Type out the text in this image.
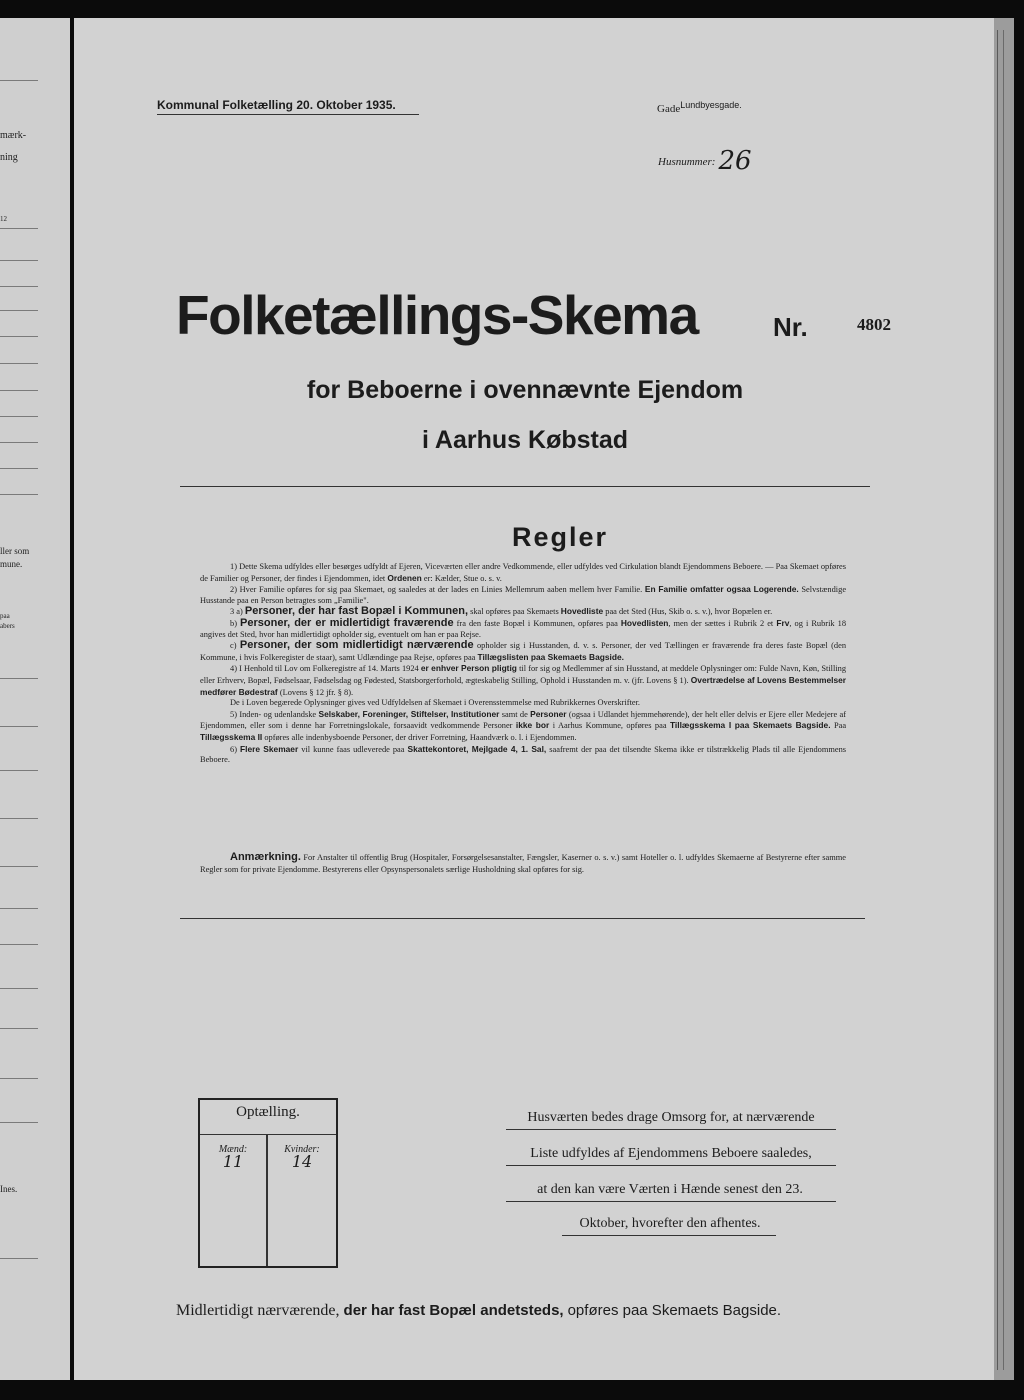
mærk-
ning
12
ller som
mune.
paa
abers
Ines.
Kommunal Folketælling 20. Oktober 1935.	Gade$^{Lundbyesgade.}$
Husnummer: 26
Folketællings-Skema	Nr.	4802
for Beboerne i ovennævnte Ejendom
i Aarhus Købstad
Regler

1) Dette Skema udfyldes eller besørges udfyldt af Ejeren, Viceværten eller andre Vedkommende, eller udfyldes ved Cirkulation blandt Ejendommens Beboere. — Paa Skemaet opføres de Familier og Personer, der findes i Ejendommen, idet Ordenen er: Kælder, Stue o. s. v.

2) Hver Familie opføres for sig paa Skemaet, og saaledes at der lades en Linies Mellemrum aaben mellem hver Familie. En Familie omfatter ogsaa Logerende. Selvstændige Husstande paa en Person betragtes som „Familie".

3 a) Personer, der har fast Bopæl i Kommunen, skal opføres paa Skemaets Hovedliste paa det Sted (Hus, Skib o. s. v.), hvor Bopælen er.

b) Personer, der er midlertidigt fraværende fra den faste Bopæl i Kommunen, opføres paa Hovedlisten, men der sættes i Rubrik 2 et Frv, og i Rubrik 18 angives det Sted, hvor han midlertidigt opholder sig, eventuelt om han er paa Rejse.

c) Personer, der som midlertidigt nærværende opholder sig i Husstanden, d. v. s. Personer, der ved Tællingen er fraværende fra deres faste Bopæl (den Kommune, i hvis Folkeregister de staar), samt Udlændinge paa Rejse, opføres paa Tillægslisten paa Skemaets Bagside.

4) I Henhold til Lov om Folkeregistre af 14. Marts 1924 er enhver Person pligtig til for sig og Medlemmer af sin Husstand, at meddele Oplysninger om: Fulde Navn, Køn, Stilling eller Erhverv, Bopæl, Fødselsaar, Fødselsdag og Fødested, Statsborgerforhold, ægteskabelig Stilling, Ophold i Husstanden m. v. (jfr. Lovens § 1). Overtrædelse af Lovens Bestemmelser medfører Bødestraf (Lovens § 12 jfr. § 8).

De i Loven begærede Oplysninger gives ved Udfyldelsen af Skemaet i Overensstemmelse med Rubrikkernes Overskrifter.

5) Inden- og udenlandske Selskaber, Foreninger, Stiftelser, Institutioner samt de Personer (ogsaa i Udlandet hjemmehørende), der helt eller delvis er Ejere eller Medejere af Ejendommen, eller som i denne har Forretningslokale, forsaavidt vedkommende Personer ikke bor i Aarhus Kommune, opføres paa Tillægsskema I paa Skemaets Bagside. Paa Tillægsskema II opføres alle indenbysboende Personer, der driver Forretning, Haandværk o. l. i Ejendommen.

6) Flere Skemaer vil kunne faas udleverede paa Skattekontoret, Mejlgade 4, 1. Sal, saafremt der paa det tilsendte Skema ikke er tilstrækkelig Plads til alle Ejendommens Beboere.

Anmærkning. For Anstalter til offentlig Brug (Hospitaler, Forsørgelsesanstalter, Fængsler, Kaserner o. s. v.) samt Hoteller o. l. udfyldes Skemaerne af Bestyrerne efter samme Regler som for private Ejendomme. Bestyrerens eller Opsynspersonalets særlige Husholdning skal opføres for sig.

Optælling.
Mænd:	Kvinder:
11	14
Husværten bedes drage Omsorg for, at nærværende
Liste udfyldes af Ejendommens Beboere saaledes,
at den kan være Værten i Hænde senest den 23.
Oktober, hvorefter den afhentes.
Midlertidigt nærværende, der har fast Bopæl andetsteds, opføres paa Skemaets Bagside.
